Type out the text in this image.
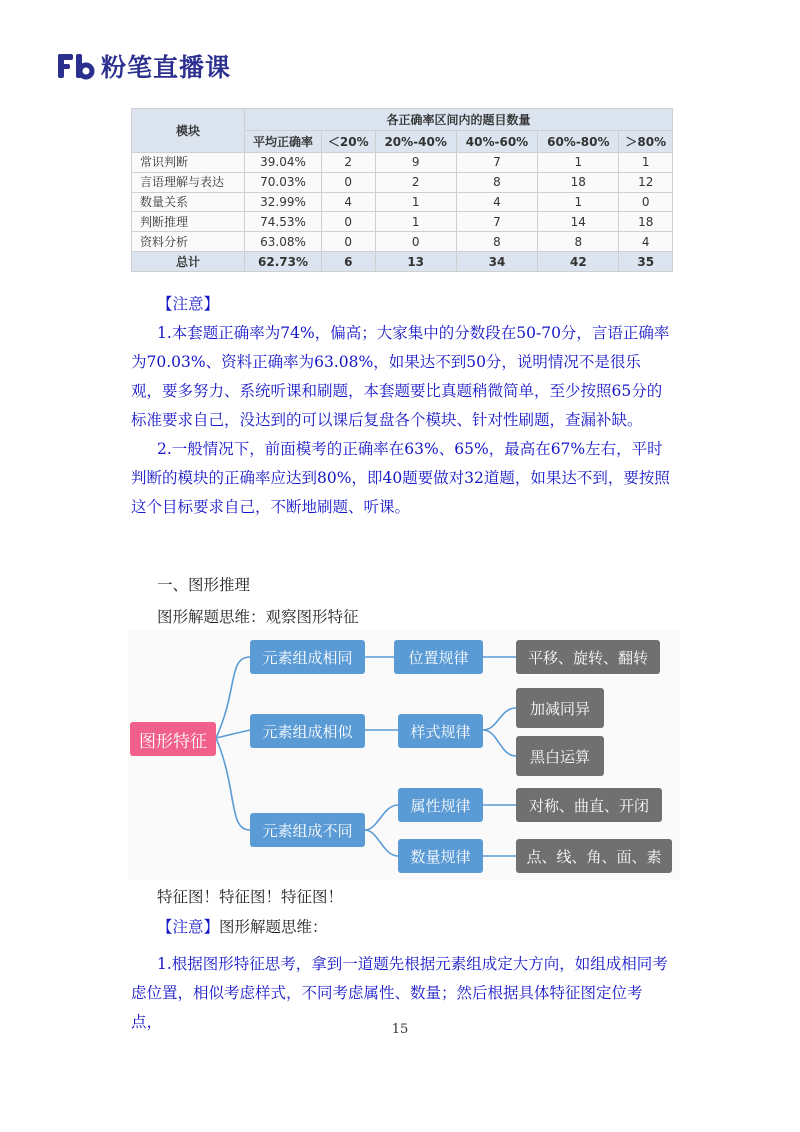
粉笔直播课
模块	各正确率区间内的题目数量					
	平均正确率	＜20%	20%-40%	40%-60%	60%-80%	＞80%
常识判断	39.04%	2	9	7	1	1
言语理解与表达	70.03%	0	2	8	18	12
数量关系	32.99%	4	1	4	1	0
判断推理	74.53%	0	1	7	14	18
资料分析	63.08%	0	0	8	8	4
总计	62.73%	6	13	34	42	35
【注意】

1.本套题正确率为74%，偏高；大家集中的分数段在50-70分，言语正确率为70.03%、资料正确率为63.08%，如果达不到50分，说明情况不是很乐观，要多努力、系统听课和刷题，本套题要比真题稍微简单，至少按照65分的标准要求自己，没达到的可以课后复盘各个模块、针对性刷题，查漏补缺。

2.一般情况下，前面模考的正确率在63%、65%，最高在67%左右，平时判断的模块的正确率应达到80%，即40题要做对32道题，如果达不到，要按照这个目标要求自己，不断地刷题、听课。

一、图形推理
图形解题思维：观察图形特征
图形特征
元素组成相同
元素组成相似
元素组成不同
位置规律
样式规律
属性规律
数量规律
平移、旋转、翻转
加减同异
黑白运算
对称、曲直、开闭
点、线、角、面、素
特征图！特征图！特征图！
【注意】图形解题思维：

1.根据图形特征思考，拿到一道题先根据元素组成定大方向，如组成相同考虑位置，相似考虑样式，不同考虑属性、数量；然后根据具体特征图定位考点，	15
